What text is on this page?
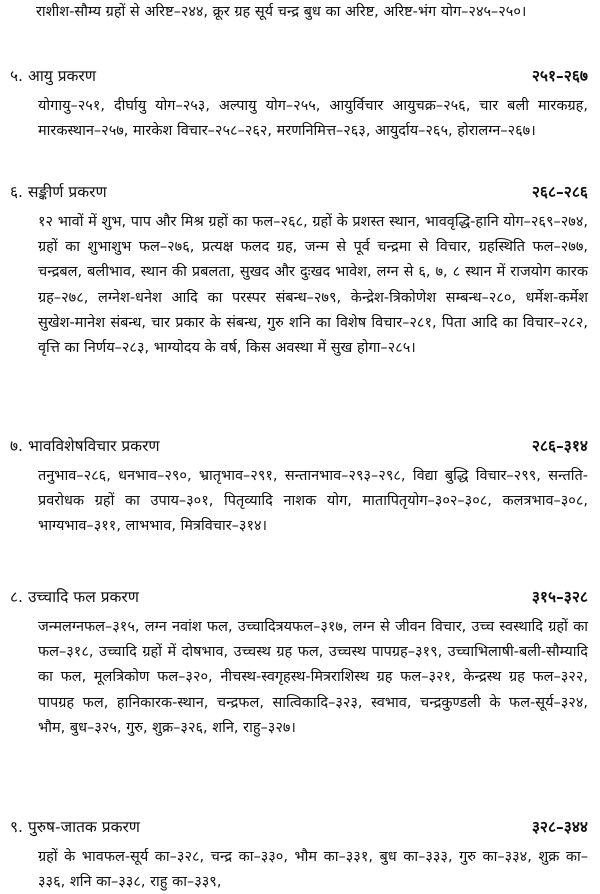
राशीश-सौम्य ग्रहों से अरिष्ट–२४४, क्रूर ग्रह सूर्य चन्द्र बुध का अरिष्ट, अरिष्ट-भंग योग–२४५–२५०।

५. आयु प्रकरण	२५१–२६७

योगायु–२५१, दीर्घायु योग–२५३, अल्पायु योग–२५५, आयुर्विचार आयुचक्र–२५६, चार बली मारकग्रह, मारकस्थान–२५७, मारकेश विचार–२५८–२६२, मरणनिमित्त–२६३, आयुर्दाय–२६५, होरालग्न–२६७।

६. सङ्कीर्ण प्रकरण	२६८–२८६

१२ भावों में शुभ, पाप और मिश्र ग्रहों का फल–२६८, ग्रहों के प्रशस्त स्थान, भाववृद्धि-हानि योग–२६९–२७४, ग्रहों का शुभाशुभ फल–२७६, प्रत्यक्ष फलद ग्रह, जन्म से पूर्व चन्द्रमा से विचार, ग्रहस्थिति फल–२७७, चन्द्रबल, बलीभाव, स्थान की प्रबलता, सुखद और दुःखद भावेश, लग्न से ६, ७, ८ स्थान में राजयोग कारक ग्रह–२७८, लग्नेश-धनेश आदि का परस्पर संबन्ध–२७९, केन्द्रेश-त्रिकोणेश सम्बन्ध–२८०, धर्मेश-कर्मेश सुखेश-मानेश संबन्ध, चार प्रकार के संबन्ध, गुरु शनि का विशेष विचार–२८१, पिता आदि का विचार–२८२, वृत्ति का निर्णय–२८३, भाग्योदय के वर्ष, किस अवस्था में सुख होगा–२८५।

७. भावविशेषविचार प्रकरण	२८६–३१४

तनुभाव–२८६, धनभाव–२९०, भ्रातृभाव–२९१, सन्तानभाव–२९३–२९८, विद्या बुद्धि विचार–२९९, सन्तति-प्रवरोधक ग्रहों का उपाय–३०१, पितृव्यादि नाशक योग, मातापितृयोग–३०२–३०८, कलत्रभाव–३०८, भाग्यभाव–३११, लाभभाव, मित्रविचार–३१४।

८. उच्चादि फल प्रकरण	३१५–३२८

जन्मलग्नफल–३१५, लग्न नवांश फल, उच्चादित्रयफल–३१७, लग्न से जीवन विचार, उच्च स्वस्थादि ग्रहों का फल–३१८, उच्चादि ग्रहों में दोषभाव, उच्चस्थ ग्रह फल, उच्चस्थ पापग्रह–३१९, उच्चाभिलाषी-बली-सौम्यादि का फल, मूलत्रिकोण फल–३२०, नीचस्थ-स्वगृहस्थ-मित्रराशिस्थ ग्रह फल–३२१, केन्द्रस्थ ग्रह फल–३२२, पापग्रह फल, हानिकारक-स्थान, चन्द्रफल, सात्विकादि–३२३, स्वभाव, चन्द्रकुण्डली के फल-सूर्य–३२४, भौम, बुध–३२५, गुरु, शुक्र–३२६, शनि, राहु–३२७।

९. पुरुष-जातक प्रकरण	३२८–३४४

ग्रहों के भावफल-सूर्य का–३२८, चन्द्र का–३३०, भौम का–३३१, बुध का–३३३, गुरु का–३३४, शुक्र का–३३६, शनि का–३३८, राहु का–३३९,
